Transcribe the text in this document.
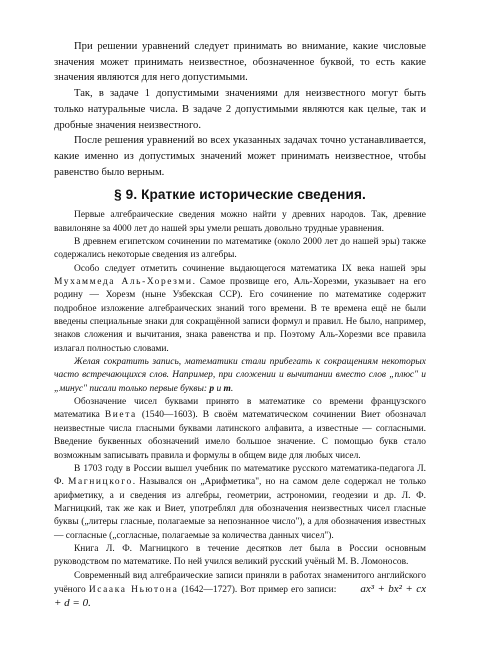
При решении уравнений следует принимать во внимание, какие числовые значения может принимать неизвестное, обозначенное буквой, то есть какие значения являются для него допустимыми.

Так, в задаче 1 допустимыми значениями для неизвестного могут быть только натуральные числа. В задаче 2 допустимыми являются как целые, так и дробные значения неизвестного.

После решения уравнений во всех указанных задачах точно устанавливается, какие именно из допустимых значений может принимать неизвестное, чтобы равенство было верным.

§ 9. Краткие исторические сведения.

Первые алгебраические сведения можно найти у древних народов. Так, древние вавилоняне за 4000 лет до нашей эры умели решать довольно трудные уравнения.

В древнем египетском сочинении по математике (около 2000 лет до нашей эры) также содержались некоторые сведения из алгебры.

Особо следует отметить сочинение выдающегося математика IX века нашей эры Мухаммеда Аль-Хорезми. Самое прозвище его, Аль-Хорезми, указывает на его родину — Хорезм (ныне Узбекская ССР). Его сочинение по математике содержит подробное изложение алгебраических знаний того времени. В те времена ещё не были введены специальные знаки для сокращённой записи формул и правил. Не было, например, знаков сложения и вычитания, знака равенства и пр. Поэтому Аль-Хорезми все правила излагал полностью словами.

Желая сократить запись, математики стали прибегать к сокращениям некоторых часто встречающихся слов. Например, при сложении и вычитании вместо слов „плюс" и „минус" писали только первые буквы: p и m.

Обозначение чисел буквами принято в математике со времени французского математика Виета (1540—1603). В своём математическом сочинении Виет обозначал неизвестные числа гласными буквами латинского алфавита, а известные — согласными. Введение буквенных обозначений имело большое значение. С помощью букв стало возможным записывать правила и формулы в общем виде для любых чисел.

В 1703 году в России вышел учебник по математике русского математика-педагога Л. Ф. Магницкого. Назывался он „Арифметика", но на самом деле содержал не только арифметику, а и сведения из алгебры, геометрии, астрономии, геодезии и др. Л. Ф. Магницкий, так же как и Виет, употреблял для обозначения неизвестных чисел гласные буквы („литеры гласные, полагаемые за непознанное число"), а для обозначения известных — согласные („согласные, полагаемые за количества данных чисел").

Книга Л. Ф. Магницкого в течение десятков лет была в России основным руководством по математике. По ней учился великий русский учёный М. В. Ломоносов.

Современный вид алгебраические записи приняли в работах знаменитого английского учёного Исаака Ньютона (1642—1727). Вот пример его записи: ax³ + bx² + cx + d = 0.
